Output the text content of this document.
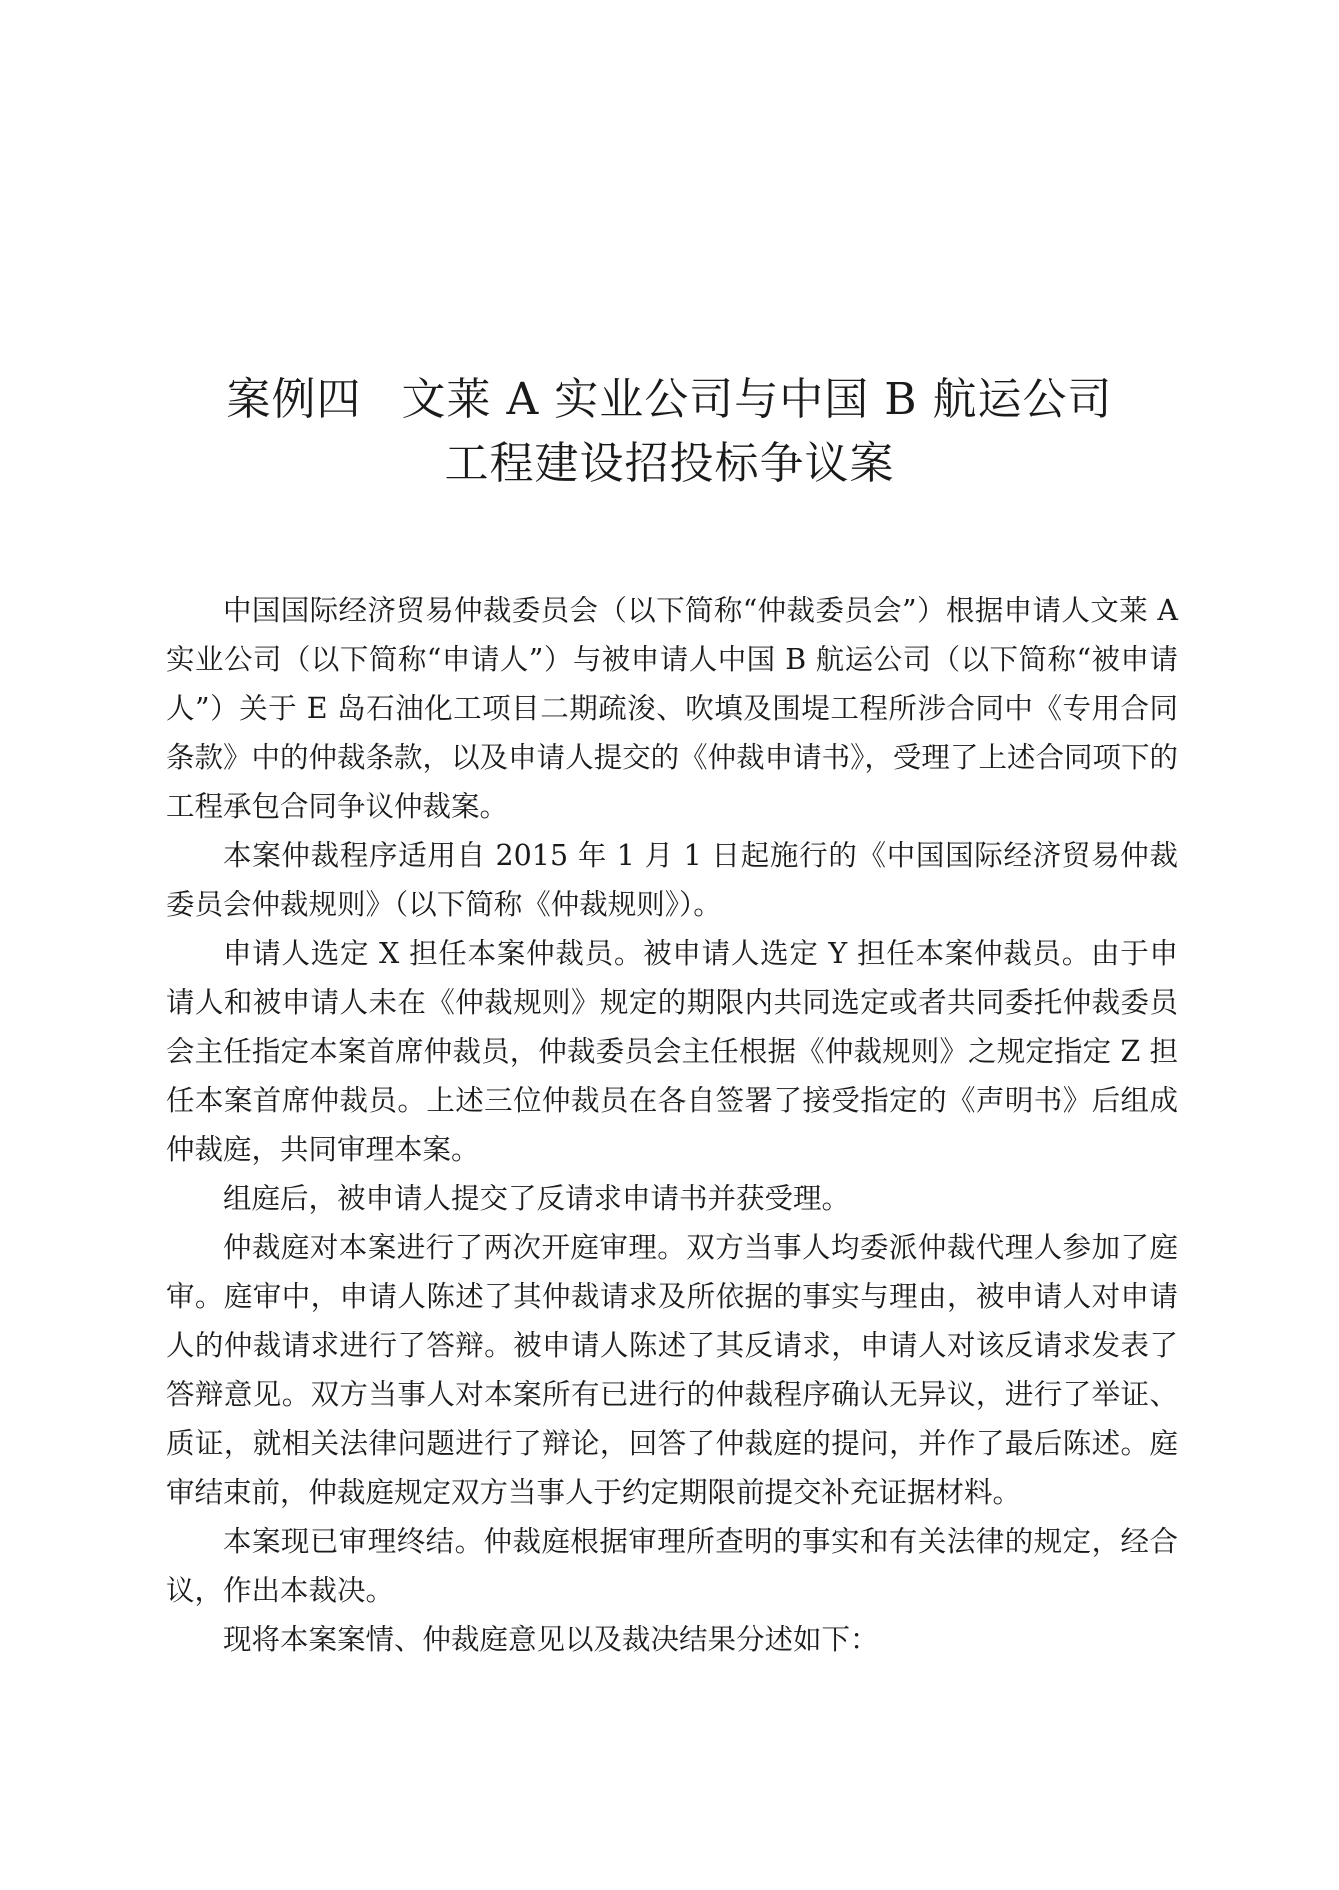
案例四 文莱 A 实业公司与中国 B 航运公司
工程建设招投标争议案

中国国际经济贸易仲裁委员会（以下简称“仲裁委员会”）根据申请人文莱 A 实业公司（以下简称“申请人”）与被申请人中国 B 航运公司（以下简称“被申请人”）关于 E 岛石油化工项目二期疏浚、吹填及围堤工程所涉合同中《专用合同条款》中的仲裁条款，以及申请人提交的《仲裁申请书》，受理了上述合同项下的工程承包合同争议仲裁案。

本案仲裁程序适用自 2015 年 1 月 1 日起施行的《中国国际经济贸易仲裁委员会仲裁规则》（以下简称《仲裁规则》）。

申请人选定 X 担任本案仲裁员。被申请人选定 Y 担任本案仲裁员。由于申请人和被申请人未在《仲裁规则》规定的期限内共同选定或者共同委托仲裁委员会主任指定本案首席仲裁员，仲裁委员会主任根据《仲裁规则》之规定指定 Z 担任本案首席仲裁员。上述三位仲裁员在各自签署了接受指定的《声明书》后组成仲裁庭，共同审理本案。

组庭后，被申请人提交了反请求申请书并获受理。

仲裁庭对本案进行了两次开庭审理。双方当事人均委派仲裁代理人参加了庭审。庭审中，申请人陈述了其仲裁请求及所依据的事实与理由，被申请人对申请人的仲裁请求进行了答辩。被申请人陈述了其反请求，申请人对该反请求发表了答辩意见。双方当事人对本案所有已进行的仲裁程序确认无异议，进行了举证、质证，就相关法律问题进行了辩论，回答了仲裁庭的提问，并作了最后陈述。庭审结束前，仲裁庭规定双方当事人于约定期限前提交补充证据材料。

本案现已审理终结。仲裁庭根据审理所查明的事实和有关法律的规定，经合议，作出本裁决。

现将本案案情、仲裁庭意见以及裁决结果分述如下：
